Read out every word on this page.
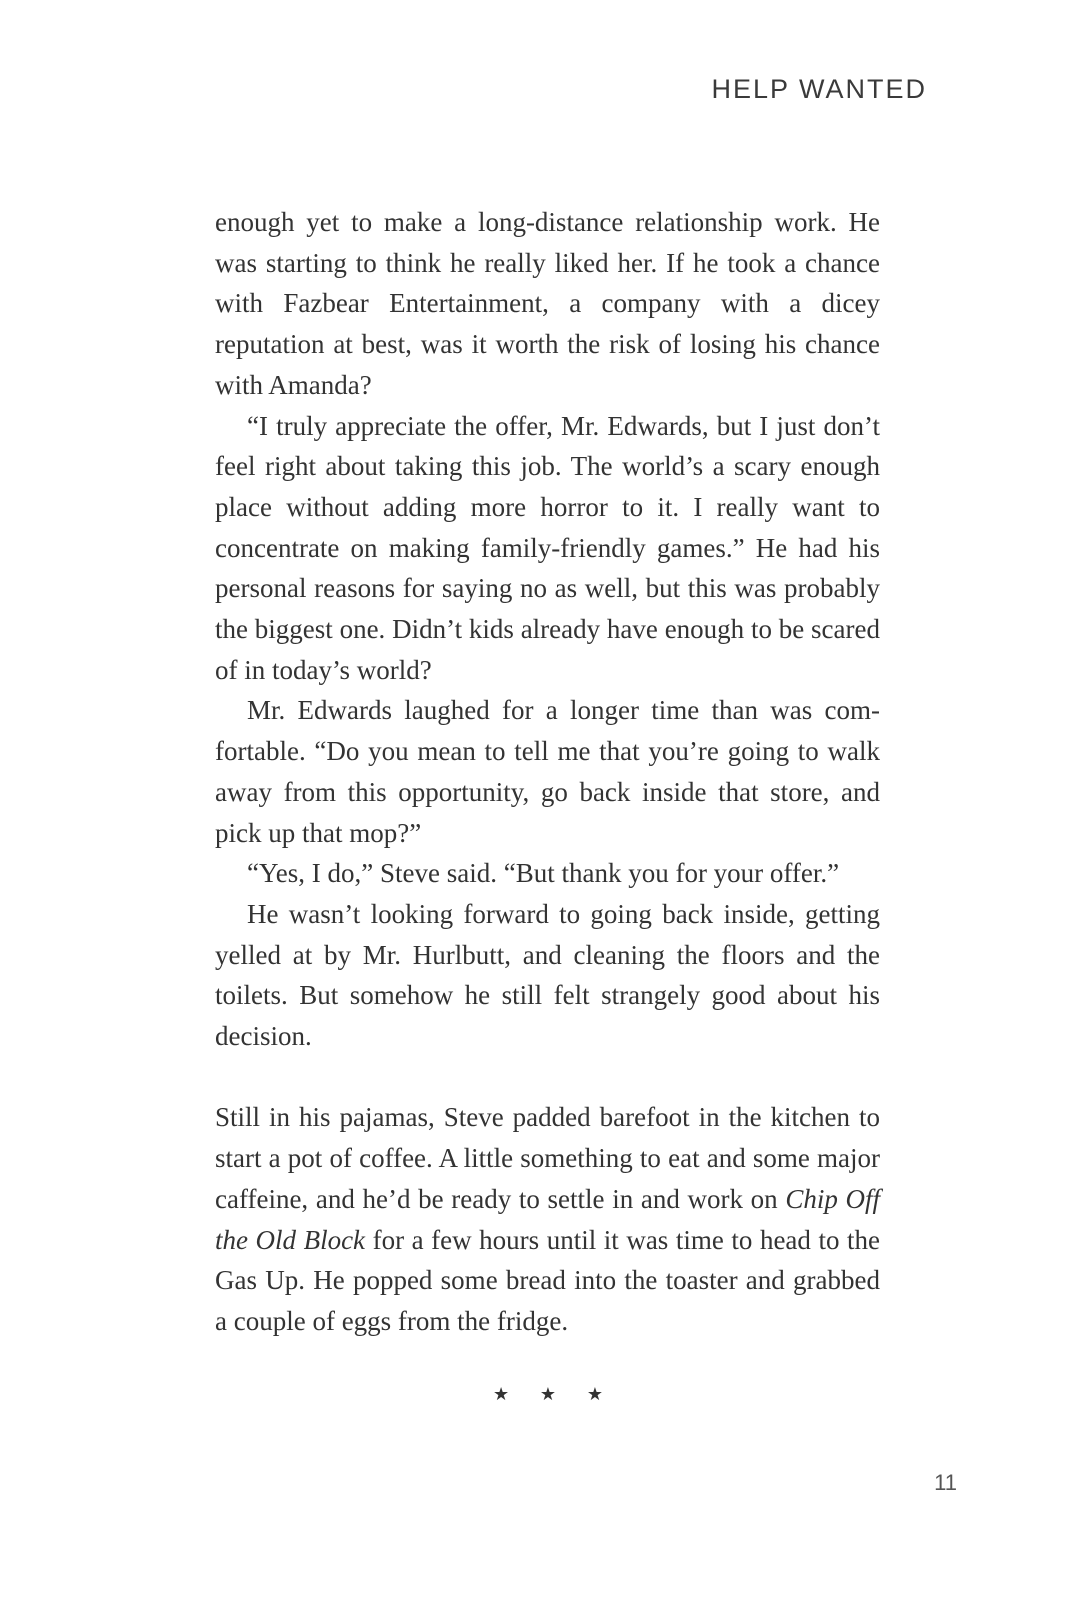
HELP WANTED

enough yet to make a long-distance relationship work. He was starting to think he really liked her. If he took a chance with Fazbear Entertainment, a company with a dicey reputation at best, was it worth the risk of losing his chance with Amanda?

“I truly appreciate the offer, Mr. Edwards, but I just don’t feel right about taking this job. The world’s a scary enough place without adding more horror to it. I really want to concentrate on making family-friendly games.” He had his personal reasons for saying no as well, but this was probably the biggest one. Didn’t kids already have enough to be scared of in today’s world?

Mr. Edwards laughed for a longer time than was comfortable. “Do you mean to tell me that you’re going to walk away from this opportunity, go back inside that store, and pick up that mop?”

“Yes, I do,” Steve said. “But thank you for your offer.”

He wasn’t looking forward to going back inside, getting yelled at by Mr. Hurlbutt, and cleaning the floors and the toilets. But somehow he still felt strangely good about his decision.

Still in his pajamas, Steve padded barefoot in the kitchen to start a pot of coffee. A little something to eat and some major caffeine, and he’d be ready to settle in and work on Chip Off the Old Block for a few hours until it was time to head to the Gas Up. He popped some bread into the toaster and grabbed a couple of eggs from the fridge.

★ ★ ★
11
